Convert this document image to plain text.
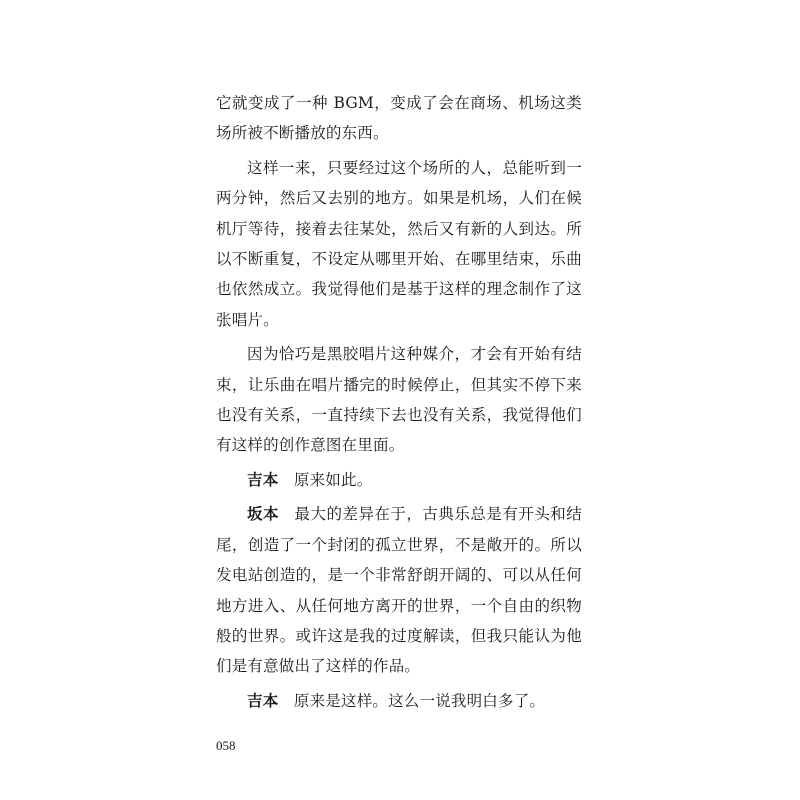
它就变成了一种 BGM，变成了会在商场、机场这类场所被不断播放的东西。

这样一来，只要经过这个场所的人，总能听到一两分钟，然后又去别的地方。如果是机场，人们在候机厅等待，接着去往某处，然后又有新的人到达。所以不断重复，不设定从哪里开始、在哪里结束，乐曲也依然成立。我觉得他们是基于这样的理念制作了这张唱片。

因为恰巧是黑胶唱片这种媒介，才会有开始有结束，让乐曲在唱片播完的时候停止，但其实不停下来也没有关系，一直持续下去也没有关系，我觉得他们有这样的创作意图在里面。

吉本 原来如此。

坂本 最大的差异在于，古典乐总是有开头和结尾，创造了一个封闭的孤立世界，不是敞开的。所以发电站创造的，是一个非常舒朗开阔的、可以从任何地方进入、从任何地方离开的世界，一个自由的织物般的世界。或许这是我的过度解读，但我只能认为他们是有意做出了这样的作品。

吉本 原来是这样。这么一说我明白多了。

058
